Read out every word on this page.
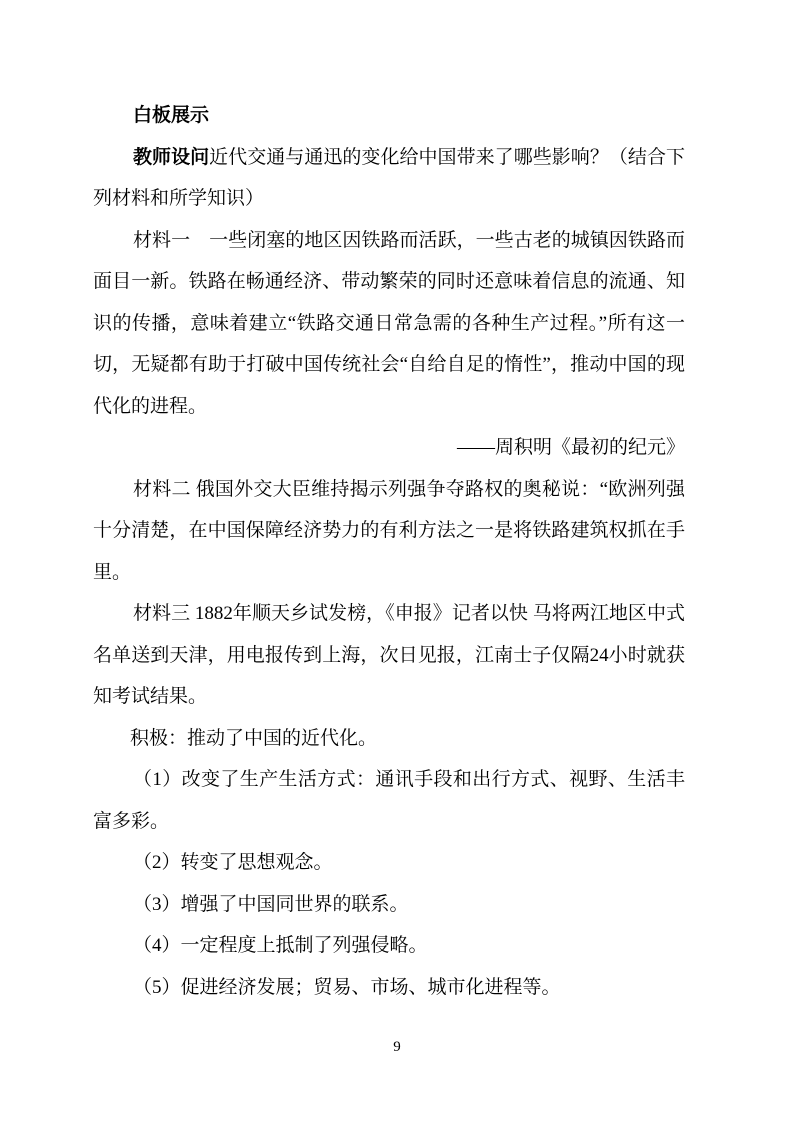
白板展示

教师设问近代交通与通迅的变化给中国带来了哪些影响？（结合下列材料和所学知识）

材料一　一些闭塞的地区因铁路而活跃，一些古老的城镇因铁路而面目一新。铁路在畅通经济、带动繁荣的同时还意味着信息的流通、知识的传播，意味着建立“铁路交通日常急需的各种生产过程。”所有这一切，无疑都有助于打破中国传统社会“自给自足的惰性”，推动中国的现代化的进程。

——周积明《最初的纪元》

材料二 俄国外交大臣维持揭示列强争夺路权的奥秘说：“欧洲列强十分清楚，在中国保障经济势力的有利方法之一是将铁路建筑权抓在手里。

材料三 1882年顺天乡试发榜，《申报》记者以快 马将两江地区中式名单送到天津，用电报传到上海，次日见报，江南士子仅隔24小时就获知考试结果。

积极：推动了中国的近代化。

（1）改变了生产生活方式：通讯手段和出行方式、视野、生活丰富多彩。

（2）转变了思想观念。

（3）增强了中国同世界的联系。

（4）一定程度上抵制了列强侵略。

（5）促进经济发展；贸易、市场、城市化进程等。

9
